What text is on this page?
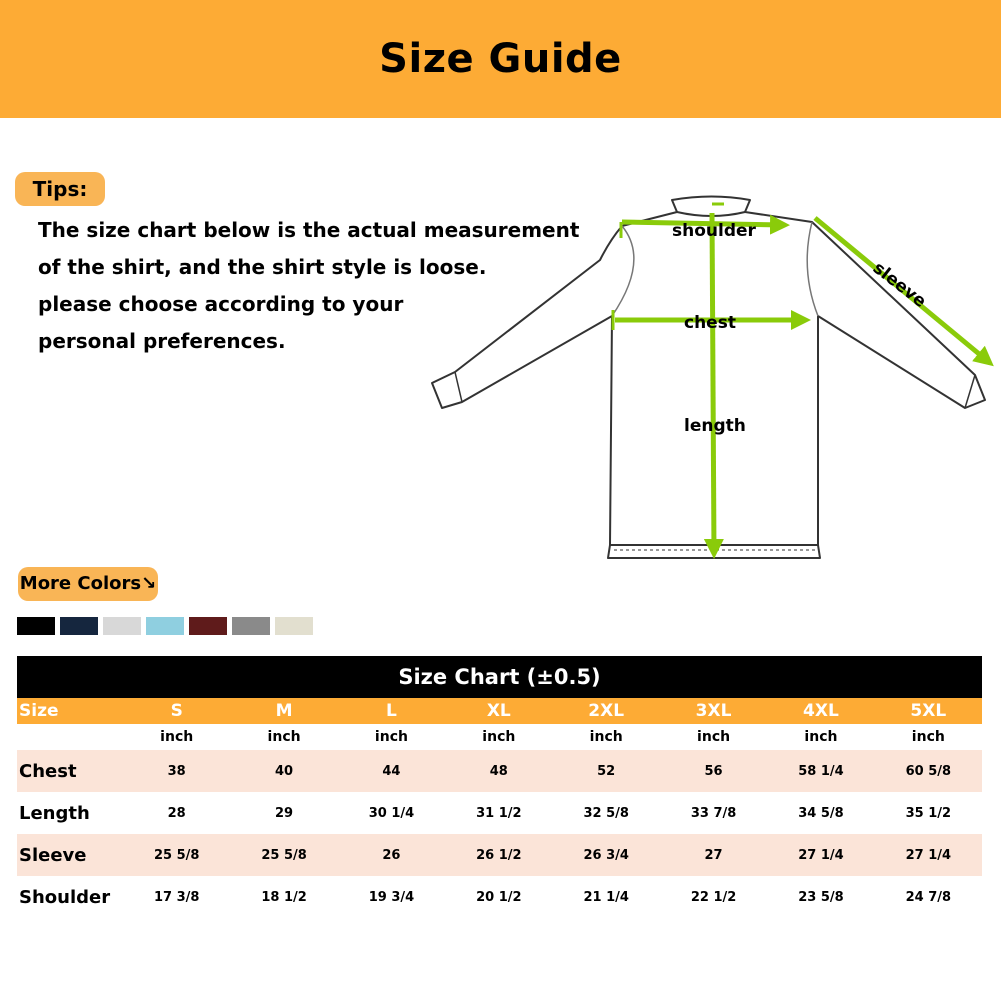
Size Guide
Tips:
The size chart below is the actual measurement
of the shirt, and the shirt style is loose.
please choose according to your
personal preferences.
shoulder
chest
length
sleeve
More Colors↘
Size Chart (±0.5)
Size	S	M	L	XL	2XL	3XL	4XL	5XL
	inch	inch	inch	inch	inch	inch	inch	inch
Chest	38	40	44	48	52	56	58 1/4	60 5/8
Length	28	29	30 1/4	31 1/2	32 5/8	33 7/8	34 5/8	35 1/2
Sleeve	25 5/8	25 5/8	26	26 1/2	26 3/4	27	27 1/4	27 1/4
Shoulder	17 3/8	18 1/2	19 3/4	20 1/2	21 1/4	22 1/2	23 5/8	24 7/8
